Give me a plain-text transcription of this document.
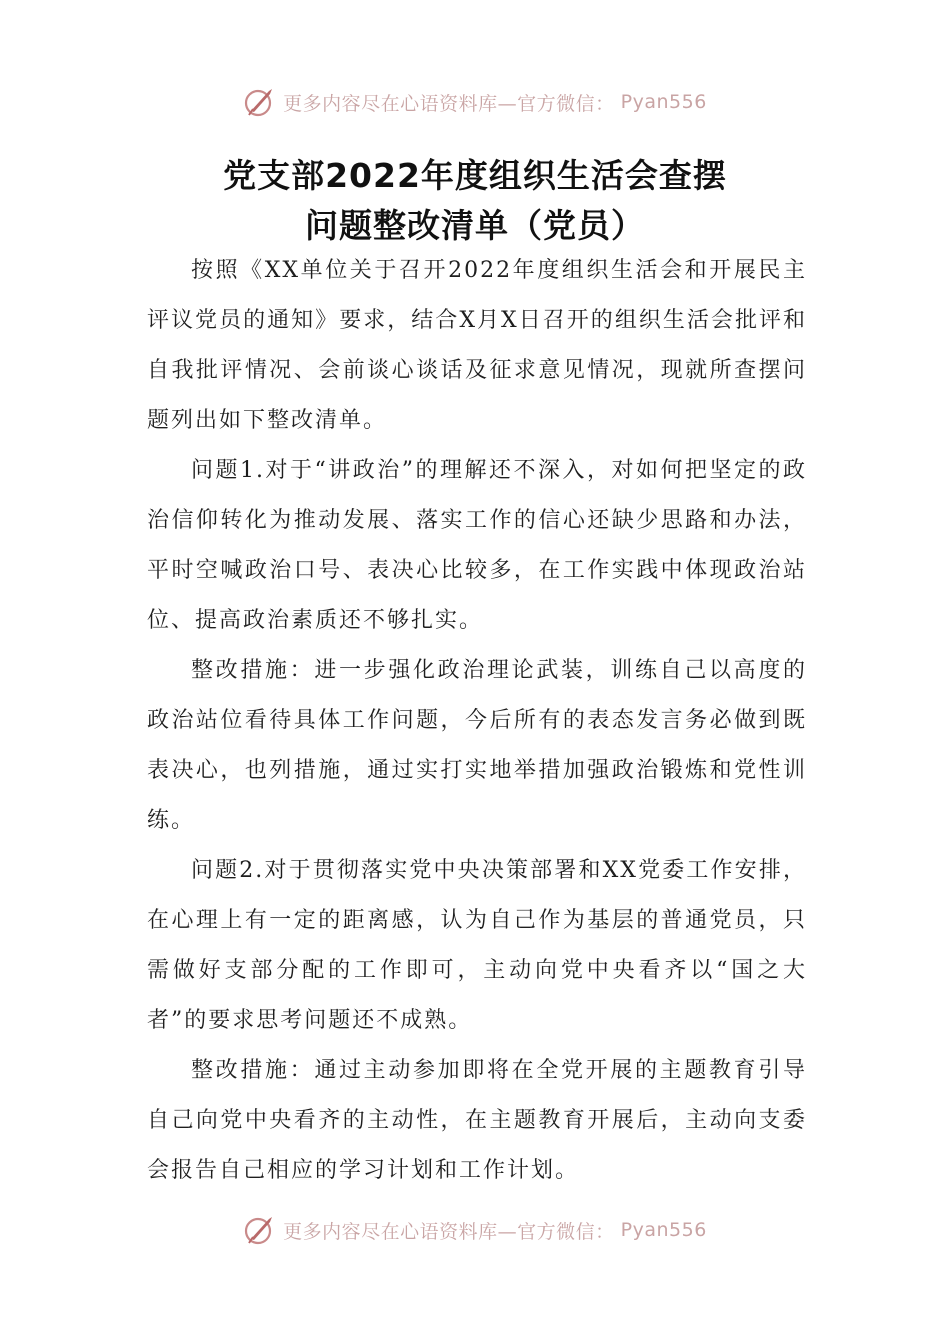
更多内容尽在心语资料库—官方微信： Pyan556
党支部2022年度组织生活会查摆
问题整改清单（党员）

按照《XX单位关于召开2022年度组织生活会和开展民主评议党员的通知》要求，结合X月X日召开的组织生活会批评和自我批评情况、会前谈心谈话及征求意见情况，现就所查摆问题列出如下整改清单。

问题1.对于“讲政治”的理解还不深入，对如何把坚定的政治信仰转化为推动发展、落实工作的信心还缺少思路和办法，平时空喊政治口号、表决心比较多，在工作实践中体现政治站位、提高政治素质还不够扎实。

整改措施：进一步强化政治理论武装，训练自己以高度的政治站位看待具体工作问题，今后所有的表态发言务必做到既表决心，也列措施，通过实打实地举措加强政治锻炼和党性训练。

问题2.对于贯彻落实党中央决策部署和XX党委工作安排，在心理上有一定的距离感，认为自己作为基层的普通党员，只需做好支部分配的工作即可，主动向党中央看齐以“国之大者”的要求思考问题还不成熟。

整改措施：通过主动参加即将在全党开展的主题教育引导自己向党中央看齐的主动性，在主题教育开展后，主动向支委会报告自己相应的学习计划和工作计划。

更多内容尽在心语资料库—官方微信： Pyan556
